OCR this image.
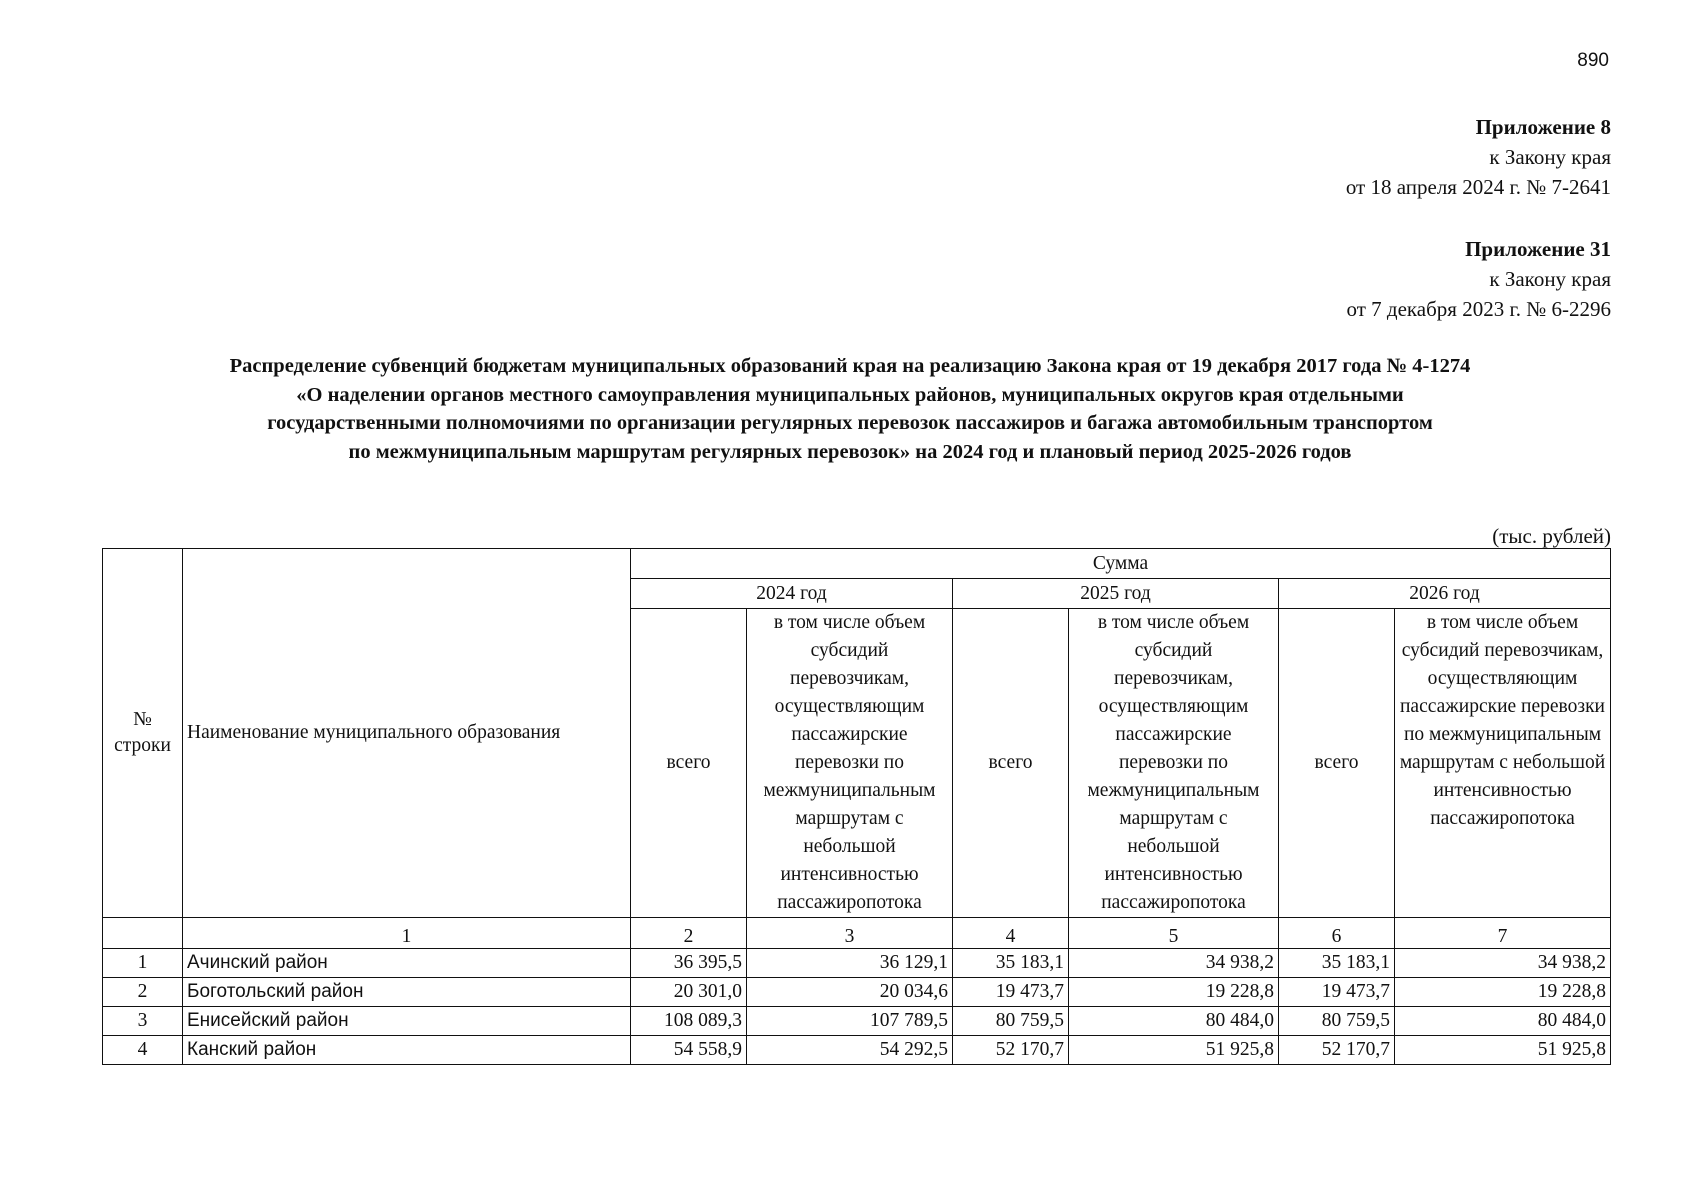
890
Приложение 8
к Закону края
от 18 апреля 2024 г. № 7-2641
Приложение 31
к Закону края
от 7 декабря 2023 г. № 6-2296
Распределение субвенций бюджетам муниципальных образований края на реализацию Закона края от 19 декабря 2017 года № 4-1274
«О наделении органов местного самоуправления муниципальных районов, муниципальных округов края отдельными
государственными полномочиями по организации регулярных перевозок пассажиров и багажа автомобильным транспортом
по межмуниципальным маршрутам регулярных перевозок» на 2024 год и плановый период 2025-2026 годов
(тыс. рублей)
№ строки	Наименование муниципального образования	Сумма					
		2024 год		2025 год		2026 год	
		всего	в том числе объем субсидий перевозчикам, осуществляющим пассажирские перевозки по межмуниципальным маршрутам с небольшой интенсивностью пассажиропотока	всего	в том числе объем субсидий перевозчикам, осуществляющим пассажирские перевозки по межмуниципальным маршрутам с небольшой интенсивностью пассажиропотока	всего	в том числе объем субсидий перевозчикам, осуществляющим пассажирские перевозки по межмуниципальным маршрутам с небольшой интенсивностью пассажиропотока
	1	2	3	4	5	6	7
1	Ачинский район	36 395,5	36 129,1	35 183,1	34 938,2	35 183,1	34 938,2
2	Боготольский район	20 301,0	20 034,6	19 473,7	19 228,8	19 473,7	19 228,8
3	Енисейский район	108 089,3	107 789,5	80 759,5	80 484,0	80 759,5	80 484,0
4	Канский район	54 558,9	54 292,5	52 170,7	51 925,8	52 170,7	51 925,8
